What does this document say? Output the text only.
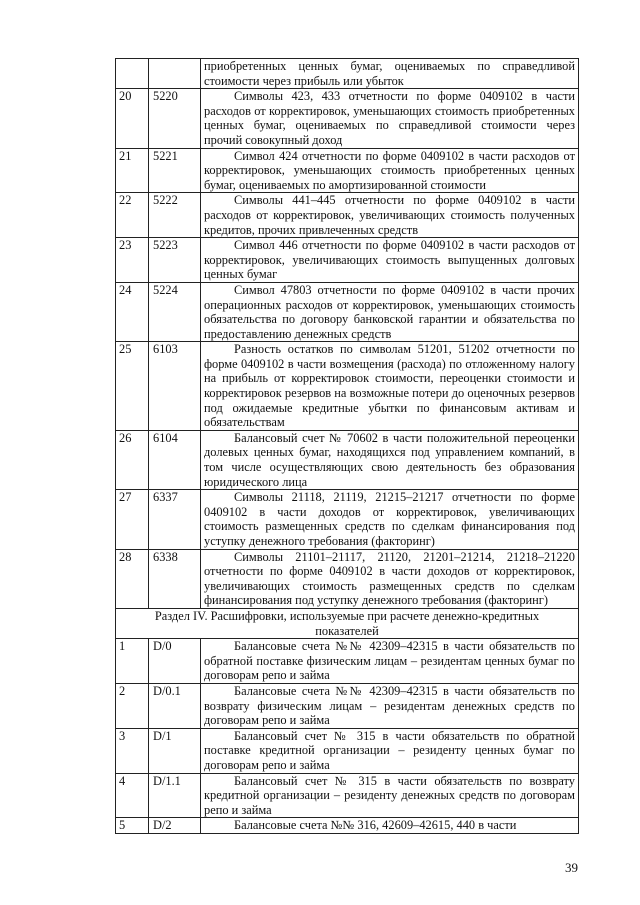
		приобретенных ценных бумаг, оцениваемых по справедливой стоимости через прибыль или убыток
20	5220	Символы 423, 433 отчетности по форме 0409102 в части расходов от корректировок, уменьшающих стоимость приобретенных ценных бумаг, оцениваемых по справедливой стоимости через прочий совокупный доход

21	5221	Символ 424 отчетности по форме 0409102 в части расходов от корректировок, уменьшающих стоимость приобретенных ценных бумаг, оцениваемых по амортизированной стоимости

22	5222	Символы 441–445 отчетности по форме 0409102 в части расходов от корректировок, увеличивающих стоимость полученных кредитов, прочих привлеченных средств

23	5223	Символ 446 отчетности по форме 0409102 в части расходов от корректировок, увеличивающих стоимость выпущенных долговых ценных бумаг

24	5224	Символ 47803 отчетности по форме 0409102 в части прочих операционных расходов от корректировок, уменьшающих стоимость обязательства по договору банковской гарантии и обязательства по предоставлению денежных средств

25	6103	Разность остатков по символам 51201, 51202 отчетности по форме 0409102 в части возмещения (расхода) по отложенному налогу на прибыль от корректировок стоимости, переоценки стоимости и корректировок резервов на возможные потери до оценочных резервов под ожидаемые кредитные убытки по финансовым активам и обязательствам

26	6104	Балансовый счет № 70602 в части положительной переоценки долевых ценных бумаг, находящихся под управлением компаний, в том числе осуществляющих свою деятельность без образования юридического лица

27	6337	Символы 21118, 21119, 21215–21217 отчетности по форме 0409102 в части доходов от корректировок, увеличивающих стоимость размещенных средств по сделкам финансирования под уступку денежного требования (факторинг)

28	6338	Символы 21101–21117, 21120, 21201–21214, 21218–21220 отчетности по форме 0409102 в части доходов от корректировок, увеличивающих стоимость размещенных средств по сделкам финансирования под уступку денежного требования (факторинг)

Раздел IV. Расшифровки, используемые при расчете денежно-кредитных показателей		
1	D/0	Балансовые счета №№ 42309–42315 в части обязательств по обратной поставке физическим лицам – резидентам ценных бумаг по договорам репо и займа

2	D/0.1	Балансовые счета №№ 42309–42315 в части обязательств по возврату физическим лицам – резидентам денежных средств по договорам репо и займа

3	D/1	Балансовый счет № 315 в части обязательств по обратной поставке кредитной организации – резиденту ценных бумаг по договорам репо и займа

4	D/1.1	Балансовый счет № 315 в части обязательств по возврату кредитной организации – резиденту денежных средств по договорам репо и займа

5	D/2	Балансовые счета №№ 316, 42609–42615, 440 в части
39
